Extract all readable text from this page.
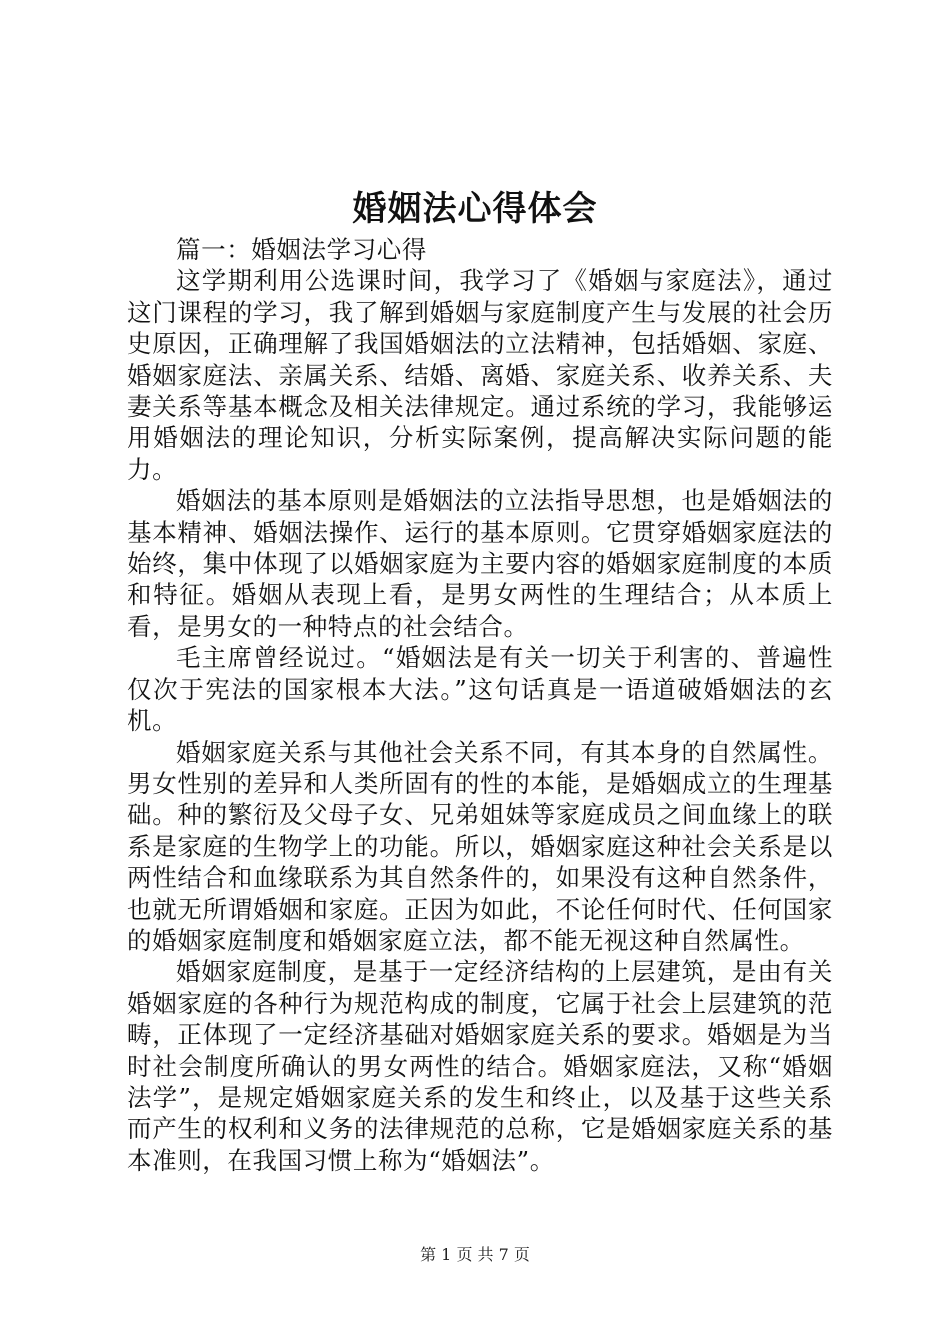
婚姻法心得体会

篇一：婚姻法学习心得

这学期利用公选课时间，我学习了《婚姻与家庭法》，通过这门课程的学习，我了解到婚姻与家庭制度产生与发展的社会历史原因，正确理解了我国婚姻法的立法精神，包括婚姻、家庭、婚姻家庭法、亲属关系、结婚、离婚、家庭关系、收养关系、夫妻关系等基本概念及相关法律规定。通过系统的学习，我能够运用婚姻法的理论知识，分析实际案例，提高解决实际问题的能力。

婚姻法的基本原则是婚姻法的立法指导思想，也是婚姻法的基本精神、婚姻法操作、运行的基本原则。它贯穿婚姻家庭法的始终，集中体现了以婚姻家庭为主要内容的婚姻家庭制度的本质和特征。婚姻从表现上看，是男女两性的生理结合；从本质上看，是男女的一种特点的社会结合。

毛主席曾经说过。“婚姻法是有关一切关于利害的、普遍性仅次于宪法的国家根本大法。”这句话真是一语道破婚姻法的玄机。

婚姻家庭关系与其他社会关系不同，有其本身的自然属性。男女性别的差异和人类所固有的性的本能，是婚姻成立的生理基础。种的繁衍及父母子女、兄弟姐妹等家庭成员之间血缘上的联系是家庭的生物学上的功能。所以，婚姻家庭这种社会关系是以两性结合和血缘联系为其自然条件的，如果没有这种自然条件，也就无所谓婚姻和家庭。正因为如此，不论任何时代、任何国家的婚姻家庭制度和婚姻家庭立法，都不能无视这种自然属性。

婚姻家庭制度，是基于一定经济结构的上层建筑，是由有关婚姻家庭的各种行为规范构成的制度，它属于社会上层建筑的范畴，正体现了一定经济基础对婚姻家庭关系的要求。婚姻是为当时社会制度所确认的男女两性的结合。婚姻家庭法，又称“婚姻法学”，是规定婚姻家庭关系的发生和终止，以及基于这些关系而产生的权利和义务的法律规范的总称，它是婚姻家庭关系的基本准则，在我国习惯上称为“婚姻法”。

第 1 页 共 7 页
